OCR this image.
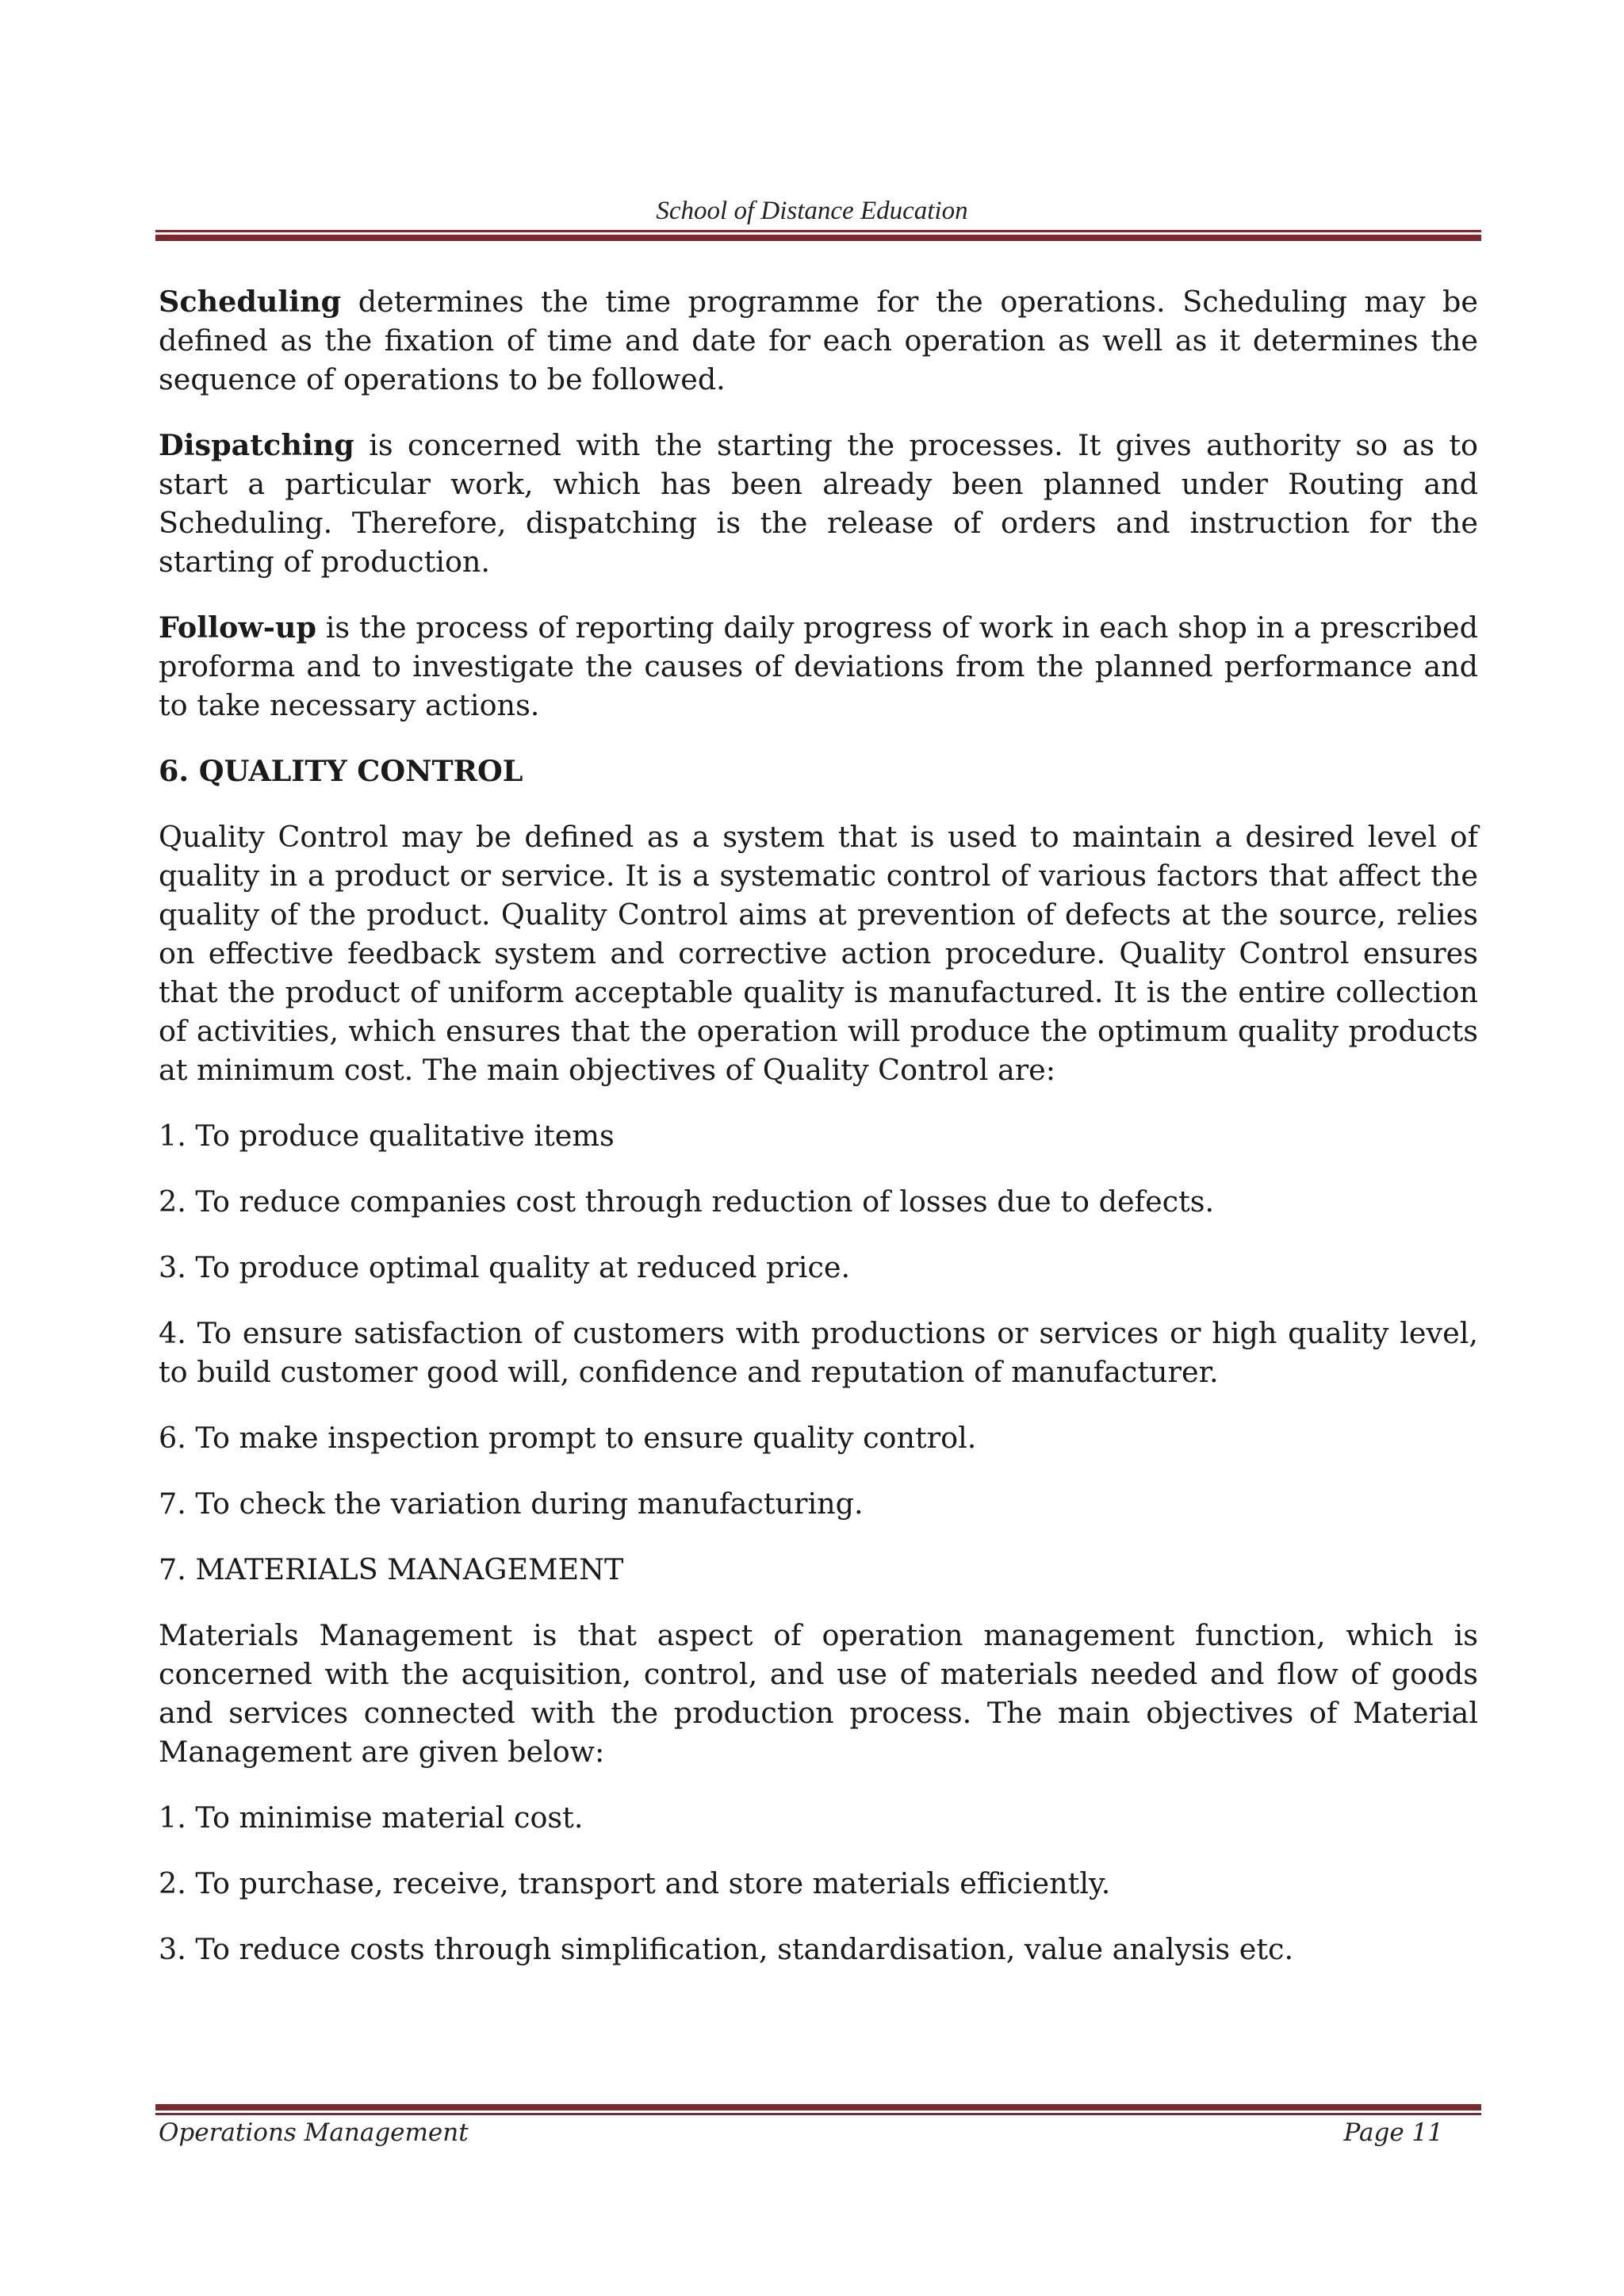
School of Distance Education

Scheduling determines the time programme for the operations. Scheduling may be defined as the fixation of time and date for each operation as well as it determines the sequence of operations to be followed.

Dispatching is concerned with the starting the processes. It gives authority so as to start a particular work, which has been already been planned under Routing and Scheduling. Therefore, dispatching is the release of orders and instruction for the starting of production.

Follow-up is the process of reporting daily progress of work in each shop in a prescribed proforma and to investigate the causes of deviations from the planned performance and to take necessary actions.

6. QUALITY CONTROL

Quality Control may be defined as a system that is used to maintain a desired level of quality in a product or service. It is a systematic control of various factors that affect the quality of the product. Quality Control aims at prevention of defects at the source, relies on effective feedback system and corrective action procedure. Quality Control ensures that the product of uniform acceptable quality is manufactured. It is the entire collection of activities, which ensures that the operation will produce the optimum quality products at minimum cost. The main objectives of Quality Control are:

1. To produce qualitative items

2. To reduce companies cost through reduction of losses due to defects.

3. To produce optimal quality at reduced price.

4. To ensure satisfaction of customers with productions or services or high quality level, to build customer good will, confidence and reputation of manufacturer.

6. To make inspection prompt to ensure quality control.

7. To check the variation during manufacturing.

7. MATERIALS MANAGEMENT

Materials Management is that aspect of operation management function, which is concerned with the acquisition, control, and use of materials needed and flow of goods and services connected with the production process. The main objectives of Material Management are given below:

1. To minimise material cost.

2. To purchase, receive, transport and store materials efficiently.

3. To reduce costs through simplification, standardisation, value analysis etc.

Operations Management	Page 11
